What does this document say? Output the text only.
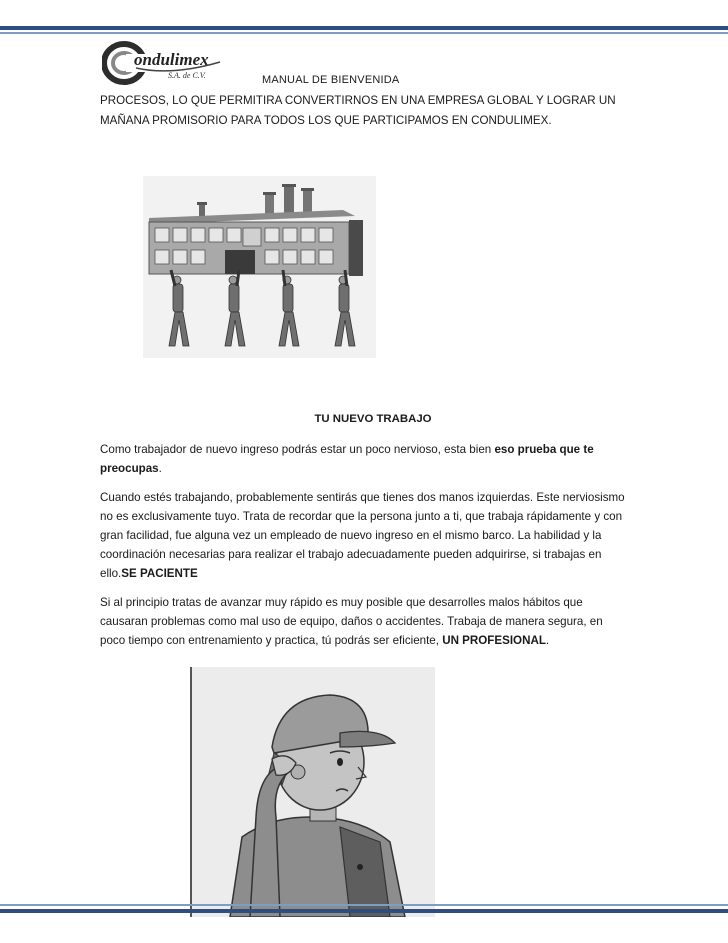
ondulimex
S.A. de C.V.	MANUAL DE BIENVENIDA
PROCESOS, LO QUE PERMITIRA CONVERTIRNOS EN UNA EMPRESA GLOBAL Y LOGRAR UN
MAÑANA PROMISORIO PARA TODOS LOS QUE PARTICIPAMOS EN CONDULIMEX.
TU NUEVO TRABAJO

Como trabajador de nuevo ingreso podrás estar un poco nervioso, esta bien eso prueba que te preocupas.

Cuando estés trabajando, probablemente sentirás que tienes dos manos izquierdas. Este nerviosismo no es exclusivamente tuyo. Trata de recordar que la persona junto a ti, que trabaja rápidamente y con gran facilidad, fue alguna vez un empleado de nuevo ingreso en el mismo barco. La habilidad y la coordinación necesarias para realizar el trabajo adecuadamente pueden adquirirse, si trabajas en ello.SE PACIENTE

Si al principio tratas de avanzar muy rápido es muy posible que desarrolles malos hábitos que causaran problemas como mal uso de equipo, daños o accidentes. Trabaja de manera segura, en poco tiempo con entrenamiento y practica, tú podrás ser eficiente, UN PROFESIONAL.
